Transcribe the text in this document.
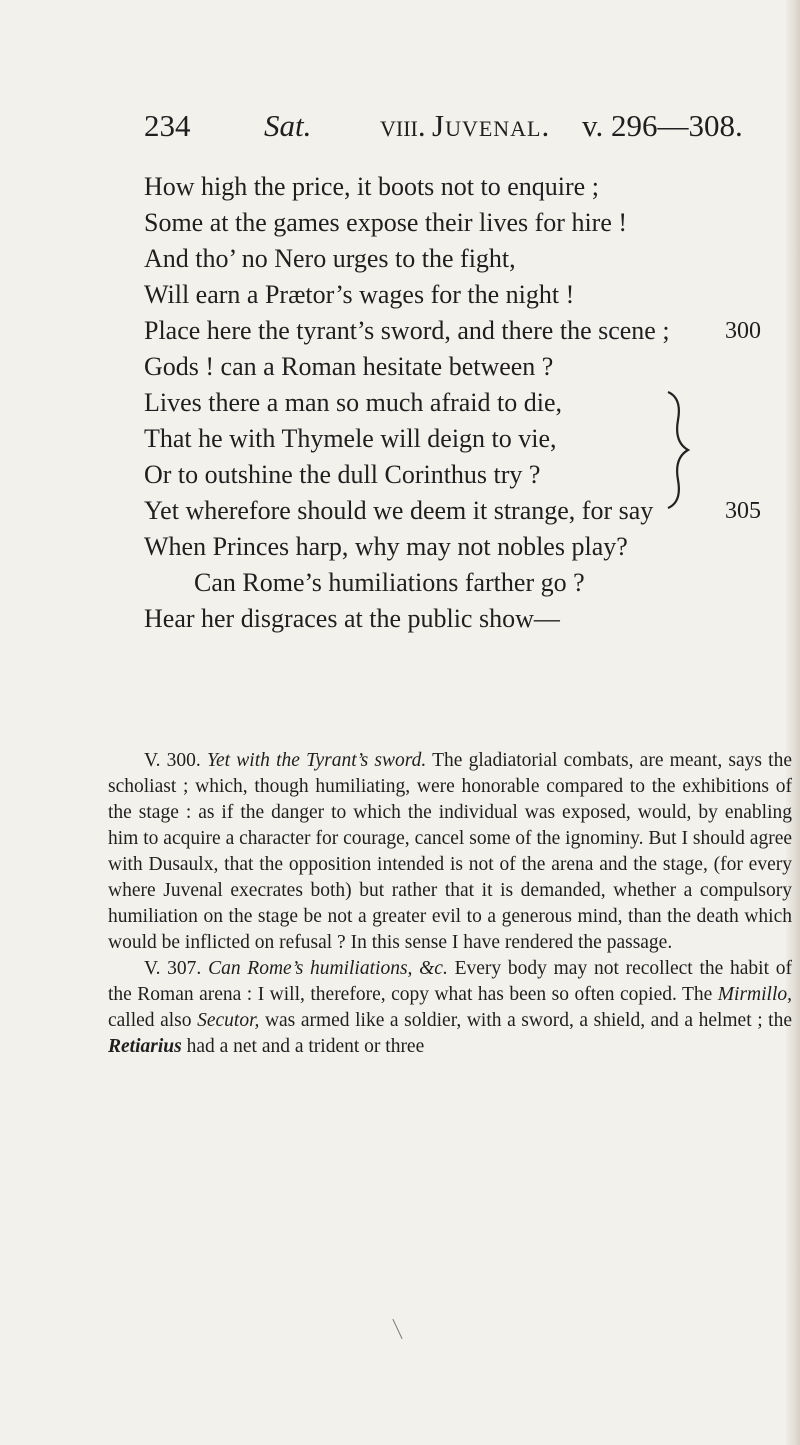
234 Sat. viii. Juvenal. v. 296—308.
How high the price, it boots not to enquire ;
Some at the games expose their lives for hire !
And tho’ no Nero urges to the fight,
Will earn a Prætor’s wages for the night !
Place here the tyrant’s sword, and there the scene ; 300
Gods ! can a Roman hesitate between ?
Lives there a man so much afraid to die,
That he with Thymele will deign to vie,
Or to outshine the dull Corinthus try ?
Yet wherefore should we deem it strange, for say	305
When Princes harp, why may not nobles play?
Can Rome’s humiliations farther go ?
Hear her disgraces at the public show—

V. 300. Yet with the Tyrant’s sword. The gladiatorial combats, are meant, says the scholiast ; which, though humiliating, were honorable compared to the exhibitions of the stage : as if the danger to which the individual was exposed, would, by enabling him to acquire a character for courage, cancel some of the ignominy. But I should agree with Dusaulx, that the opposition intended is not of the arena and the stage, (for every where Juvenal execrates both) but rather that it is demanded, whether a compulsory humiliation on the stage be not a greater evil to a generous mind, than the death which would be inflicted on refusal ? In this sense I have rendered the passage.

V. 307. Can Rome’s humiliations, &c. Every body may not recollect the habit of the Roman arena : I will, therefore, copy what has been so often copied. The Mirmillo, called also Secutor, was armed like a soldier, with a sword, a shield, and a helmet ; the Retiarius had a net and a trident or three
